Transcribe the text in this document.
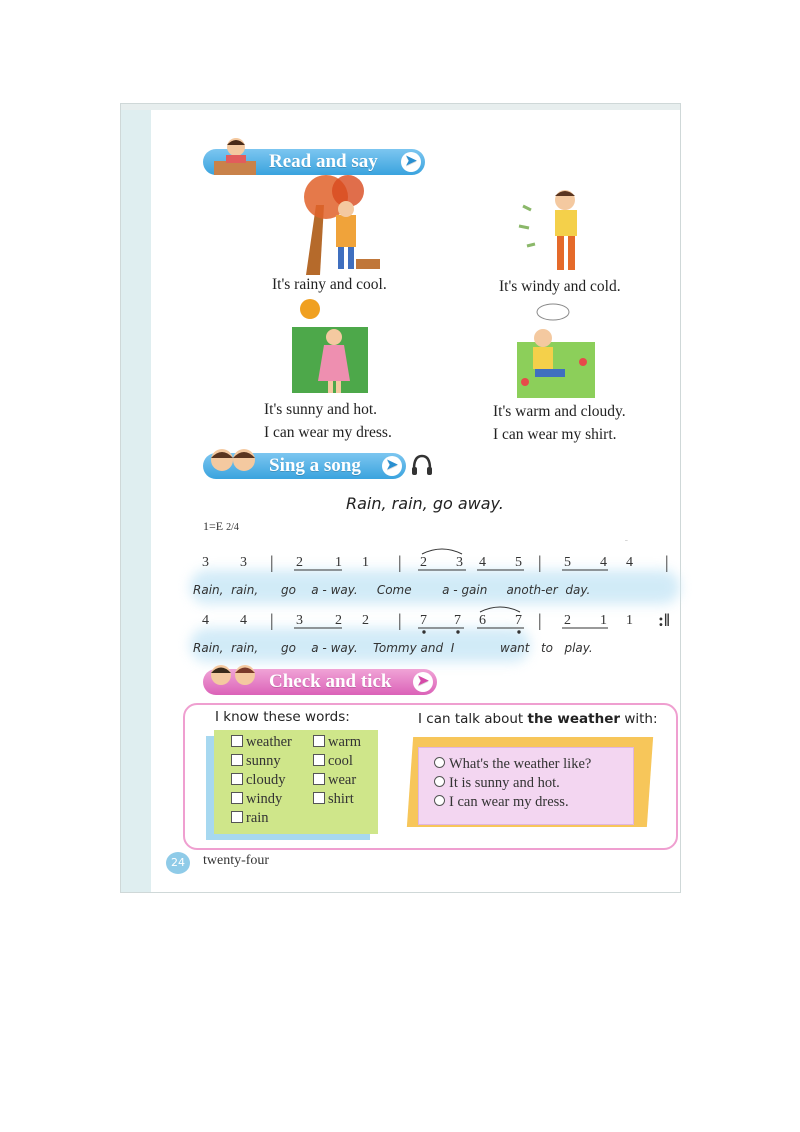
Read and say ➤
It's rainy and cool.	It's windy and cold.
It's sunny and hot.
I can wear my dress.
It's warm and cloudy.
I can wear my shirt.
Sing a song ➤
Rain, rain, go away.
1=E 2/4
~
3 3 | 2 1 1 | 2 3 4 5 | 5 4 4 |
Rain, rain, go a - way. Come	a - gain anoth-er day.
4 4 | 3 2 2 | 7 7 6 7 | 2 1 1 :‖
Rain, rain, go a - way. Tommy and  I	want to play.
Check and tick ➤
I know these words:	I can talk about the weather with:
weather
sunny
cloudy
windy
rain
warm
cool
wear
shirt
What's the weather like?
It is sunny and hot.
I can wear my dress.
24	twenty-four
